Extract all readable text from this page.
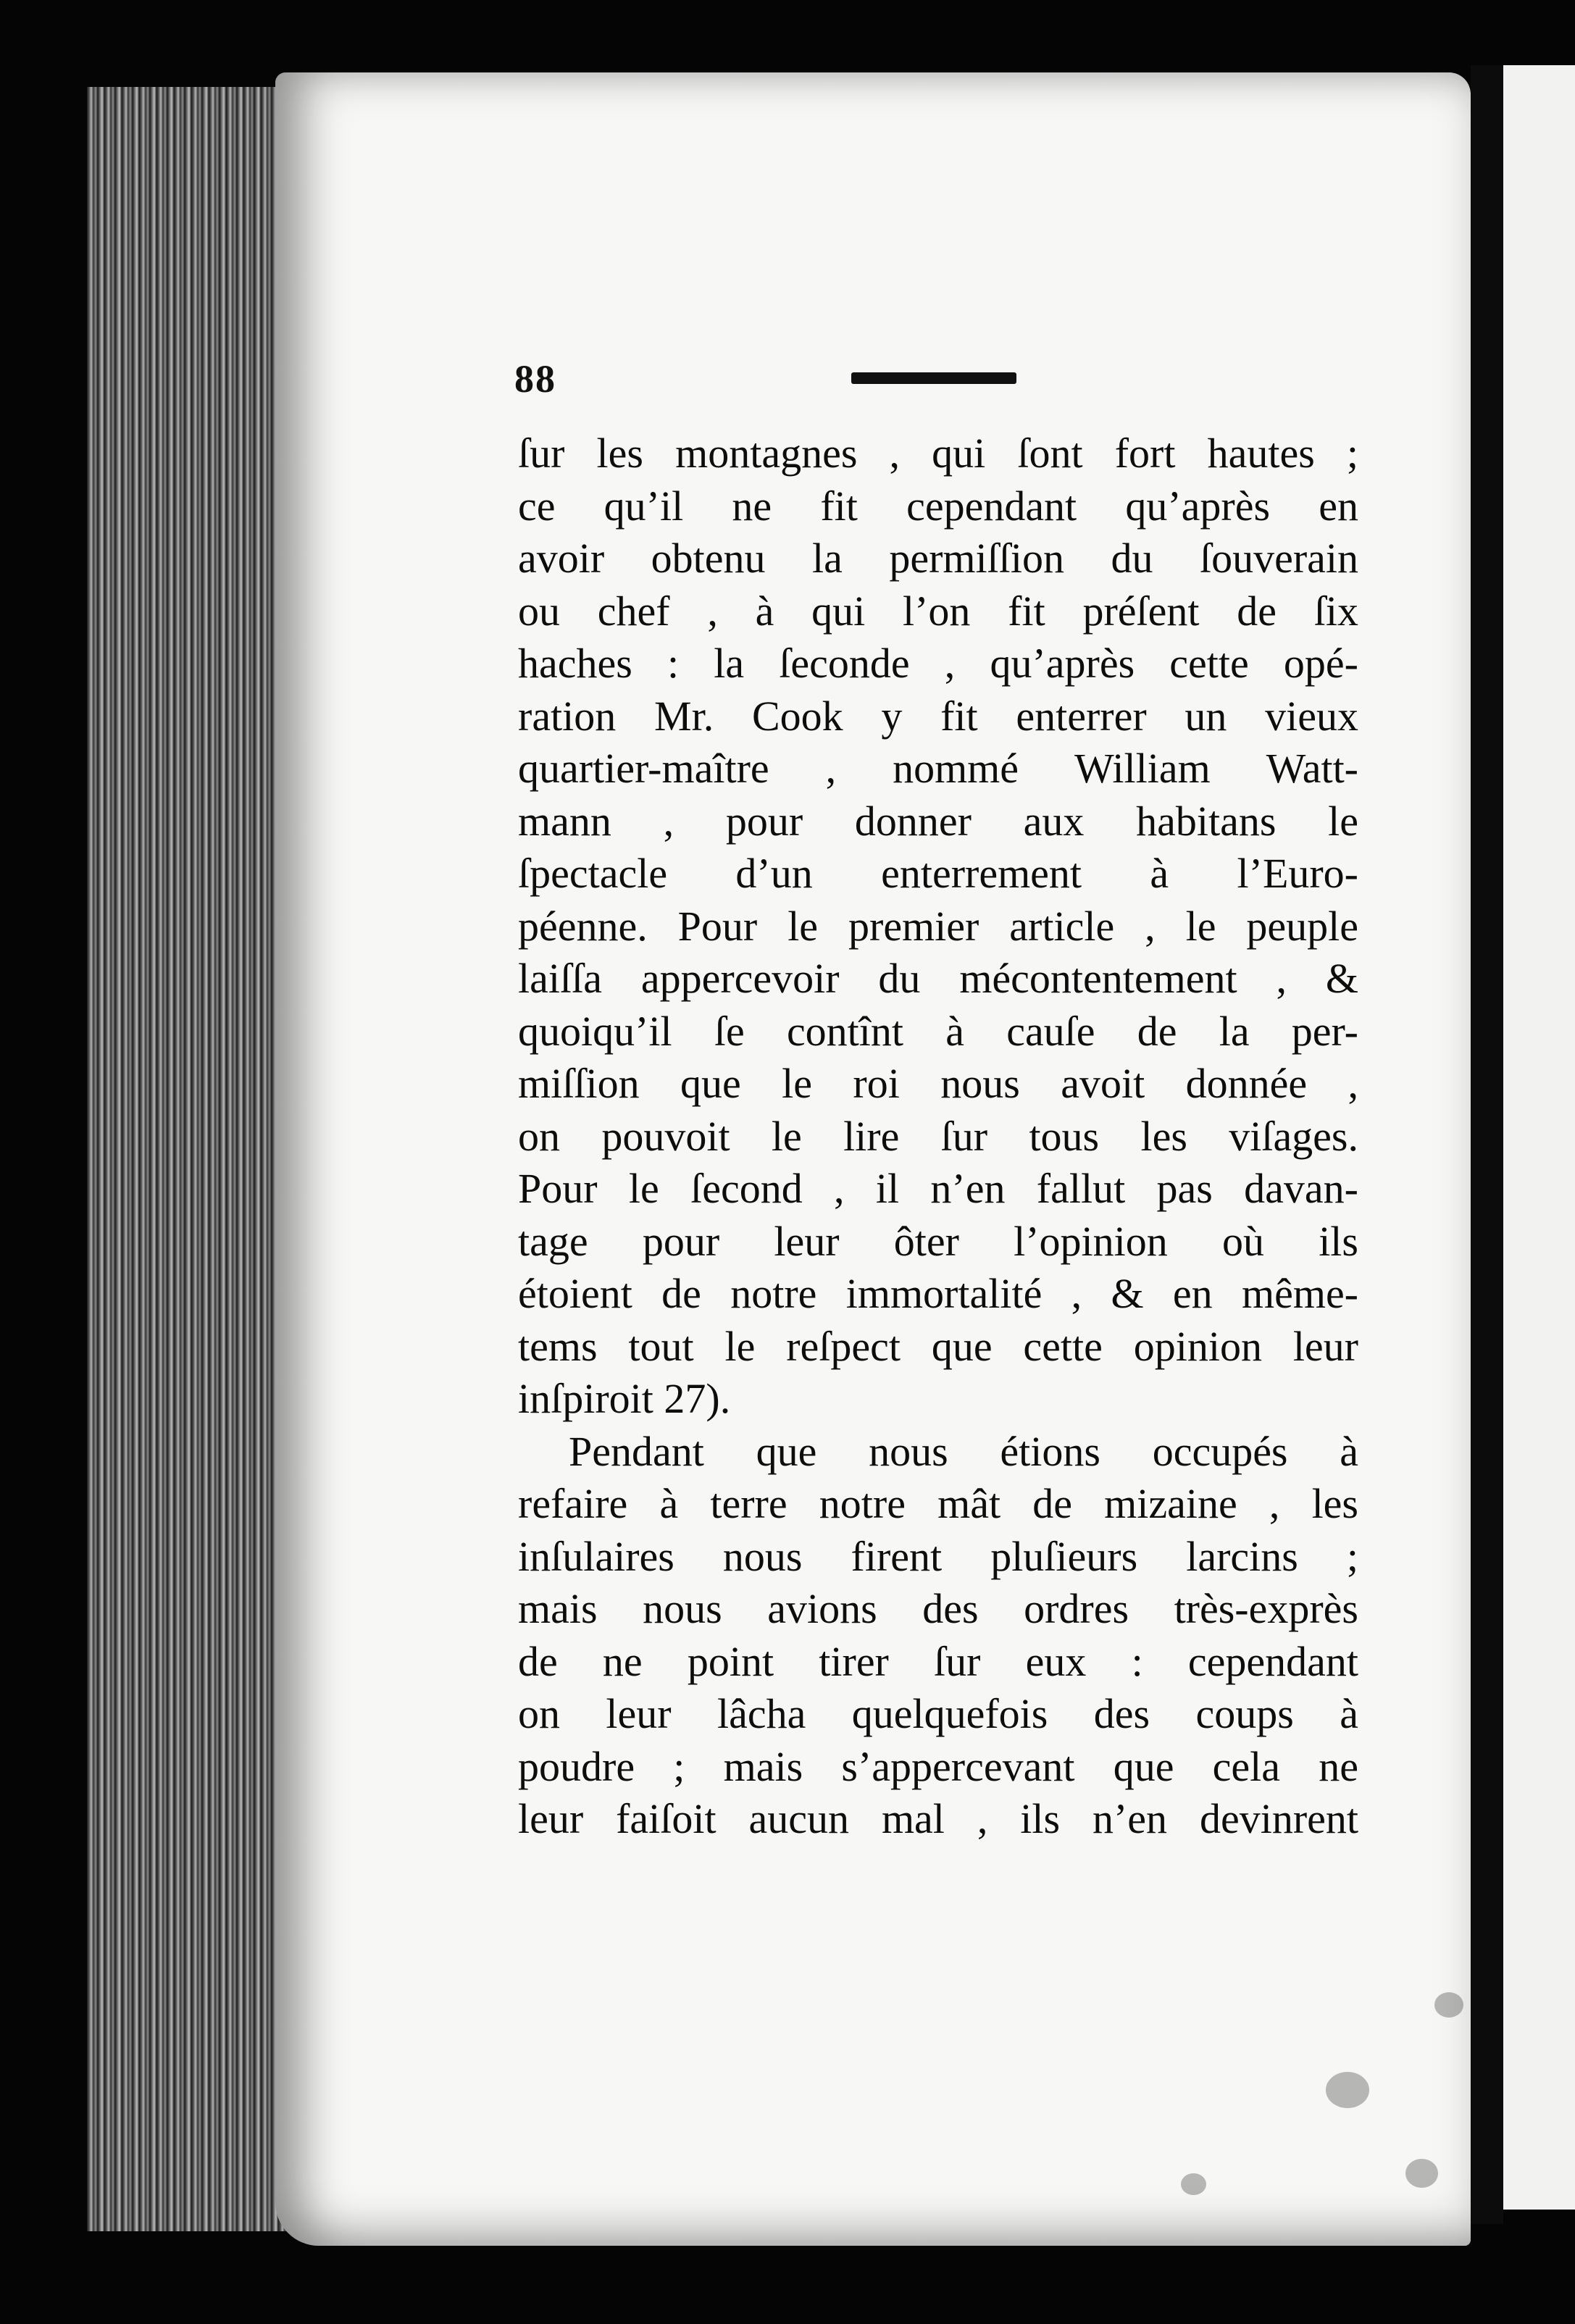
88
ſur les montagnes , qui ſont fort hautes ;
ce qu’il ne fit cependant qu’après en
avoir obtenu la permiſſion du ſouverain
ou chef , à qui l’on fit préſent de ſix
haches : la ſeconde , qu’après cette opé-
ration Mr. Cook y fit enterrer un vieux
quartier-maître , nommé William Watt-
mann , pour donner aux habitans le
ſpectacle d’un enterrement à l’Euro-
péenne. Pour le premier article , le peuple
laiſſa appercevoir du mécontentement , &
quoiqu’il ſe contînt à cauſe de la per-
miſſion que le roi nous avoit donnée ,
on pouvoit le lire ſur tous les viſages.
Pour le ſecond , il n’en fallut pas davan-
tage pour leur ôter l’opinion où ils
étoient de notre immortalité , & en même-
tems tout le reſpect que cette opinion leur
inſpiroit 27).
Pendant que nous étions occupés à
refaire à terre notre mât de mizaine , les
inſulaires nous firent pluſieurs larcins ;
mais nous avions des ordres très-exprès
de ne point tirer ſur eux : cependant
on leur lâcha quelquefois des coups à
poudre ; mais s’appercevant que cela ne
leur faiſoit aucun mal , ils n’en devinrent
